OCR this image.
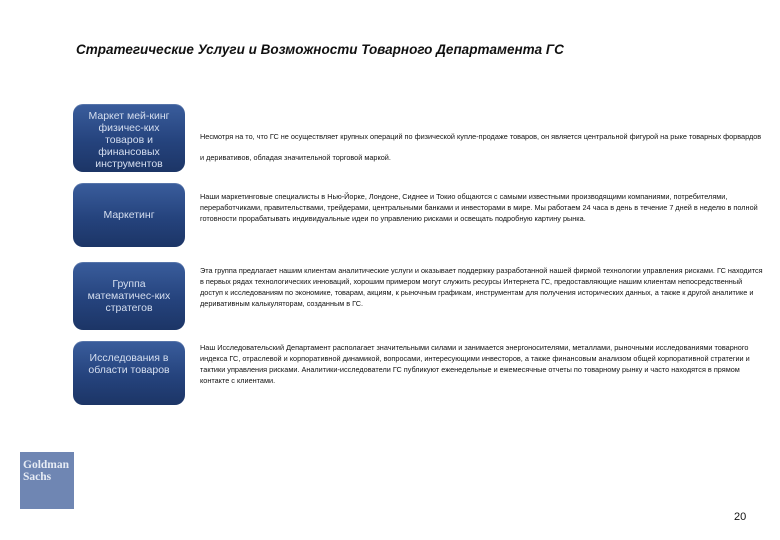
Стратегические Услуги и Возможности Товарного Департамента ГС
Маркет мей-кинг физичес-ких товаров и финансовых инструментов
Несмотря на то, что ГС не осуществляет крупных операций по физической купле-продаже товаров, он является центральной фигурой на рыке товарных форвардов и деривативов, обладая значительной торговой маркой.
Маркетинг
Наши маркетинговые специалисты в Нью-Йорке, Лондоне, Сиднее и Токио общаются с самыми известными производящими компаниями, потребителями, переработчиками, правительствами, трейдерами, центральными банками и инвесторами в мире. Мы работаем 24 часа в день в течение 7 дней в неделю в полной готовности прорабатывать индивидуальные идеи по управлению рисками и освещать подробную картину рынка.
Группа математичес-ких стратегов
Эта группа предлагает нашим клиентам аналитические услуги и оказывает поддержку разработанной нашей фирмой технологии управления рисками. ГС находится в первых рядах технологических инноваций, хорошим примером могут служить ресурсы Интернета ГС, предоставляющие нашим клиентам непосредственный доступ к исследованиям по экономике, товарам, акциям, к рыночным графикам, инструментам для получения исторических данных, а также к другой аналитике и деривативным калькуляторам, созданным в ГС.
Исследования в области товаров
Наш Исследовательский Департамент располагает значительными силами и занимается энергоносителями, металлами, рыночными исследованиями товарного индекса ГС, отраслевой и корпоративной динамикой, вопросами, интересующими инвесторов, а также финансовым анализом общей корпоративной стратегии и тактики управления рисками. Аналитики-исследователи ГС публикуют еженедельные и ежемесячные отчеты по товарному рынку и часто находятся в прямом контакте с клиентами.
Goldman
Sachs
20
